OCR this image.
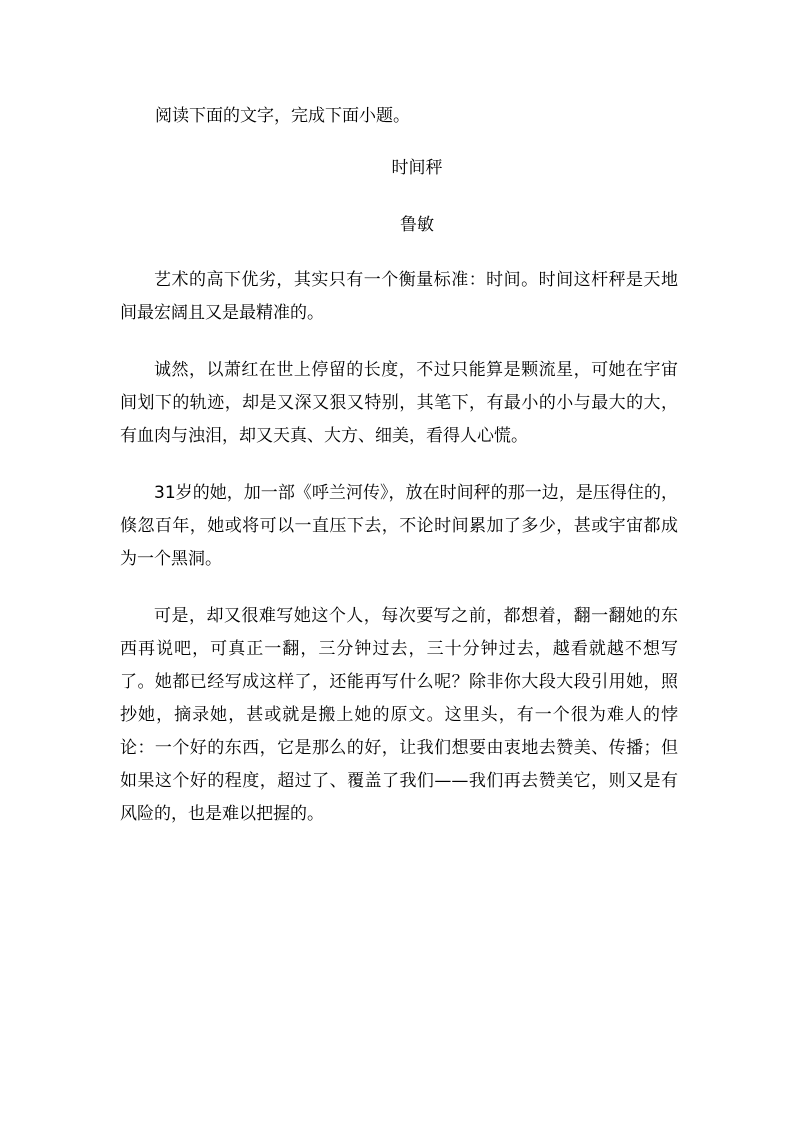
阅读下面的文字，完成下面小题。
时间秤
鲁敏

艺术的高下优劣，其实只有一个衡量标准：时间。时间这杆秤是天地间最宏阔且又是最精准的。

诚然，以萧红在世上停留的长度，不过只能算是颗流星，可她在宇宙间划下的轨迹，却是又深又狠又特别，其笔下，有最小的小与最大的大，有血肉与浊泪，却又天真、大方、细美，看得人心慌。

31岁的她，加一部《呼兰河传》，放在时间秤的那一边，是压得住的，倏忽百年，她或将可以一直压下去，不论时间累加了多少，甚或宇宙都成为一个黑洞。

可是，却又很难写她这个人，每次要写之前，都想着，翻一翻她的东西再说吧，可真正一翻，三分钟过去，三十分钟过去，越看就越不想写了。她都已经写成这样了，还能再写什么呢？除非你大段大段引用她，照抄她，摘录她，甚或就是搬上她的原文。这里头，有一个很为难人的悖论：一个好的东西，它是那么的好，让我们想要由衷地去赞美、传播；但如果这个好的程度，超过了、覆盖了我们——我们再去赞美它，则又是有风险的，也是难以把握的。
